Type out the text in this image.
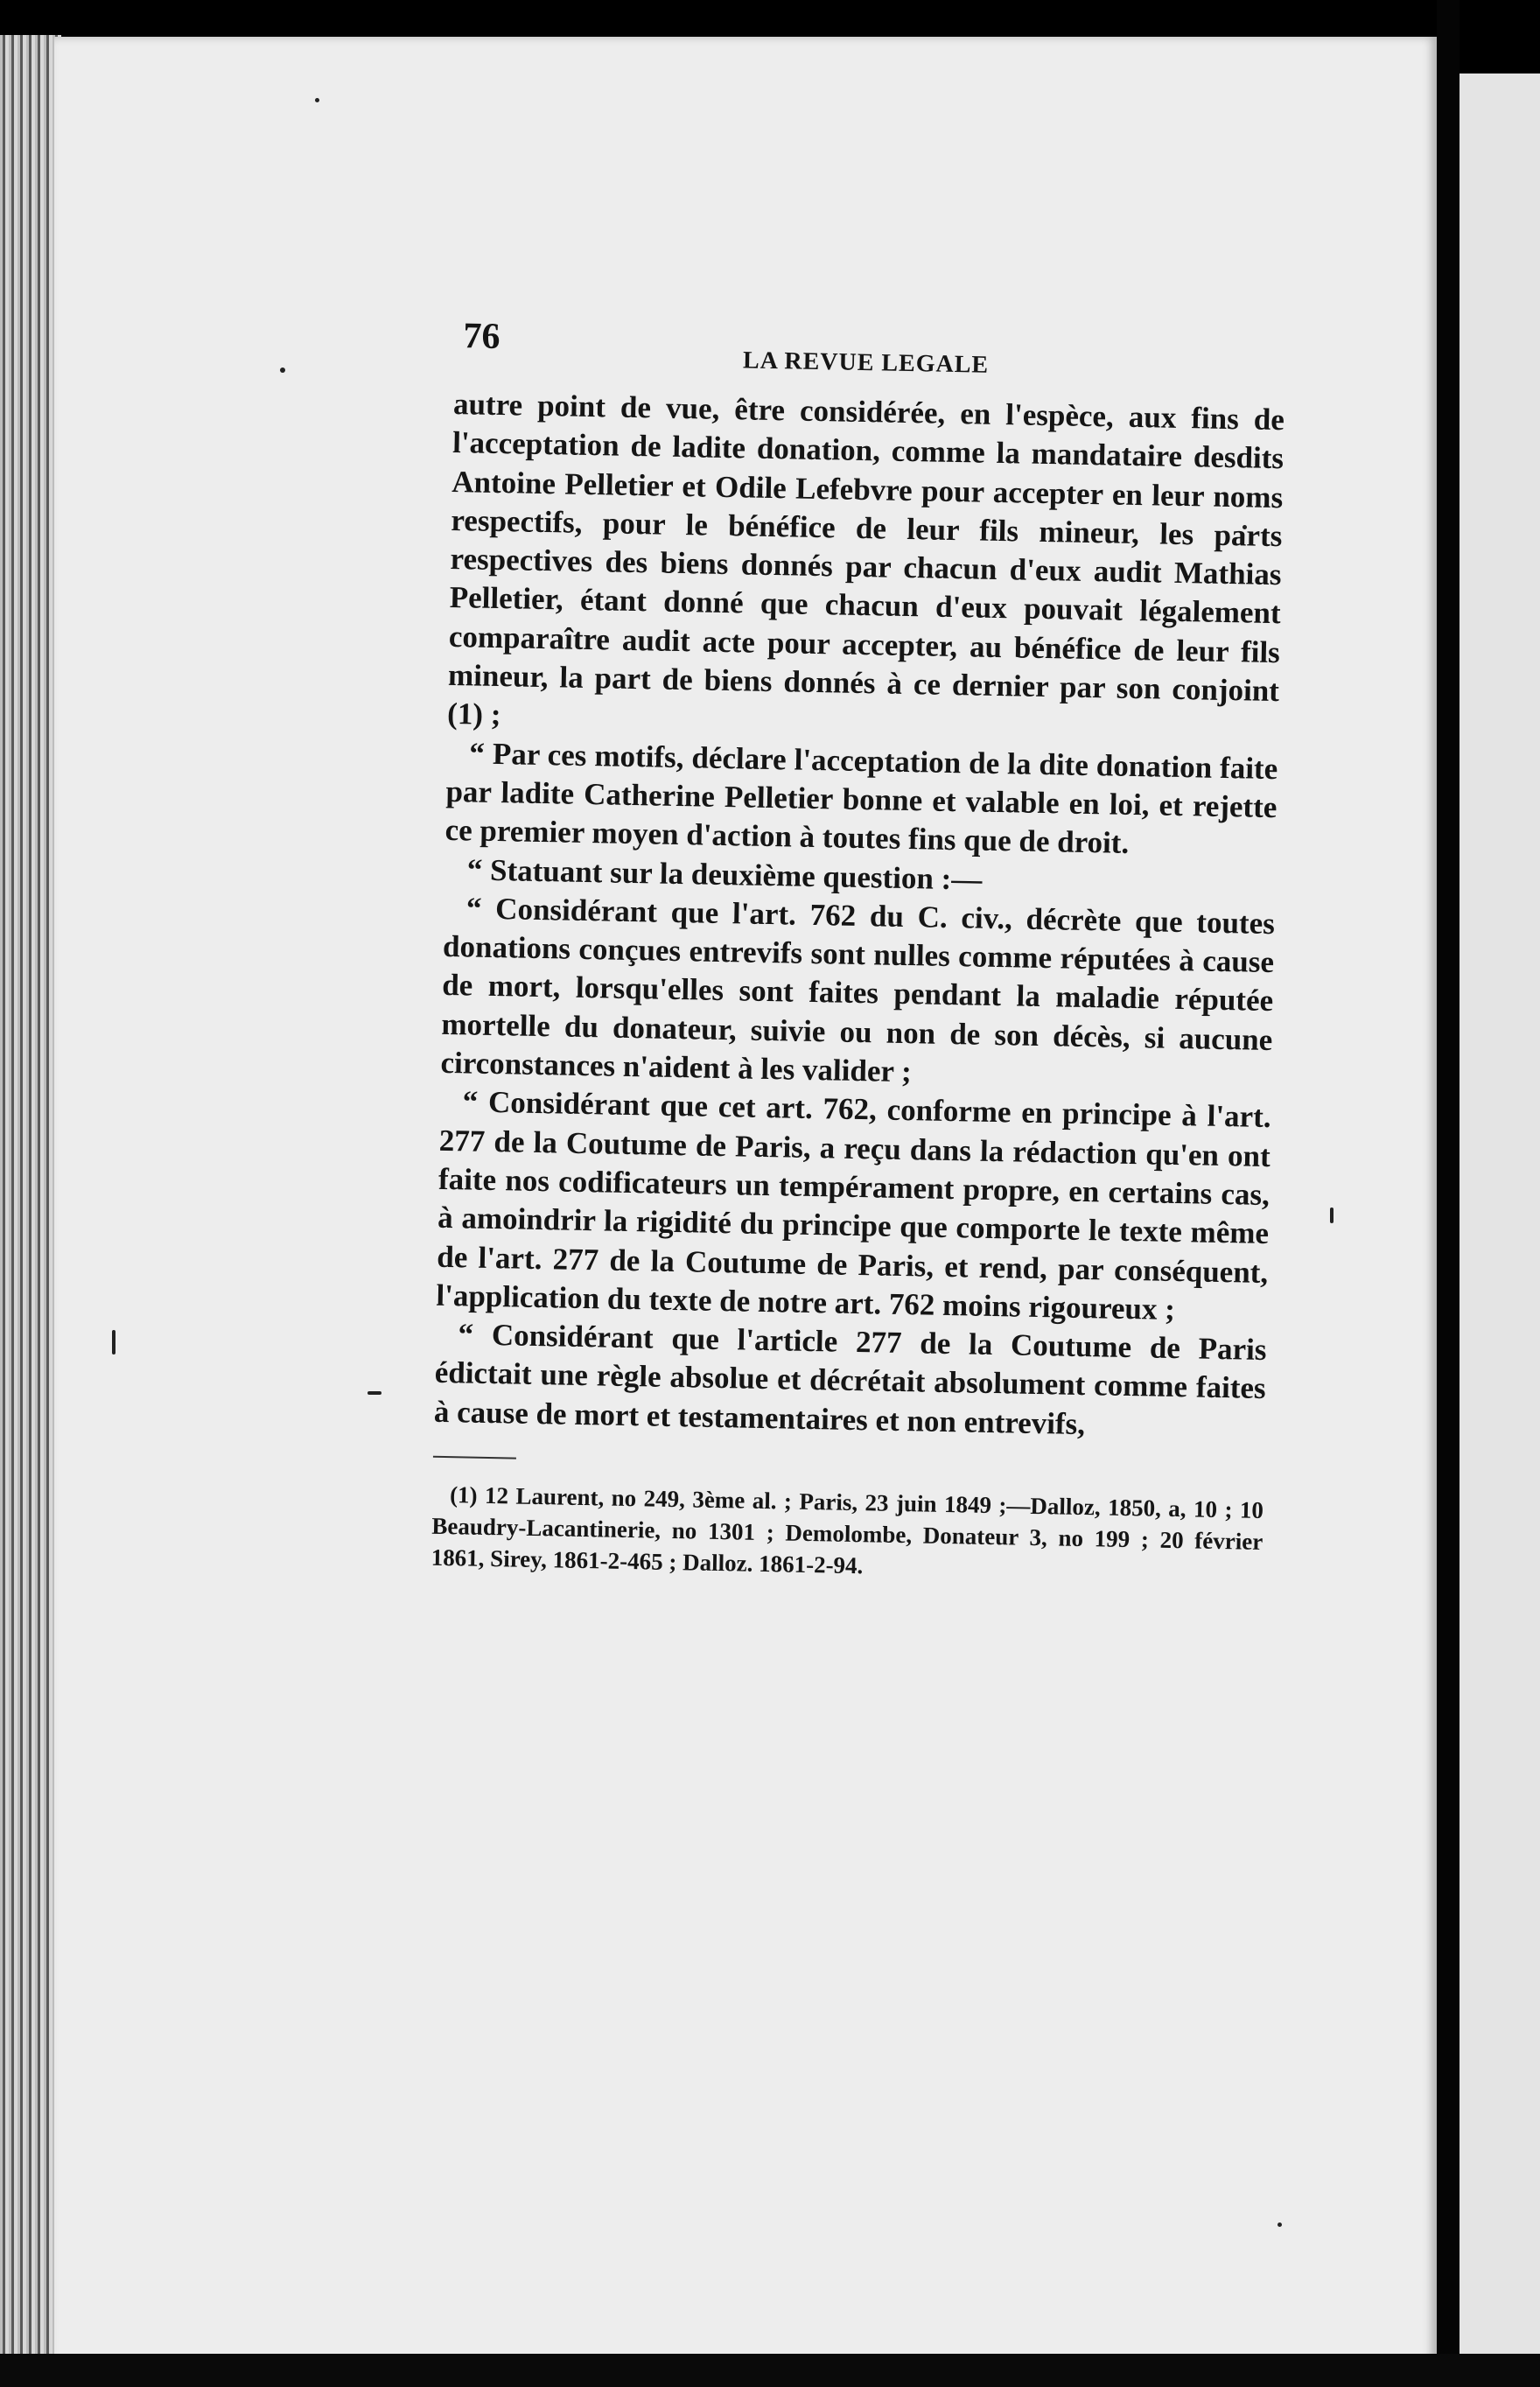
76
LA REVUE LEGALE

autre point de vue, être considérée, en l'espèce, aux fins de l'acceptation de ladite donation, comme la mandataire desdits Antoine Pelletier et Odile Lefebvre pour accepter en leur noms respectifs, pour le bénéfice de leur fils mineur, les parts respectives des biens donnés par chacun d'eux audit Mathias Pelletier, étant donné que chacun d'eux pouvait légalement comparaître audit acte pour accepter, au bénéfice de leur fils mineur, la part de biens donnés à ce dernier par son conjoint (1) ;

“ Par ces motifs, déclare l'acceptation de la dite donation faite par ladite Catherine Pelletier bonne et valable en loi, et rejette ce premier moyen d'action à toutes fins que de droit.

“ Statuant sur la deuxième question :—

“ Considérant que l'art. 762 du C. civ., décrète que toutes donations conçues entrevifs sont nulles comme réputées à cause de mort, lorsqu'elles sont faites pendant la maladie réputée mortelle du donateur, suivie ou non de son décès, si aucune circonstances n'aident à les valider ;

“ Considérant que cet art. 762, conforme en principe à l'art. 277 de la Coutume de Paris, a reçu dans la rédaction qu'en ont faite nos codificateurs un tempérament propre, en certains cas, à amoindrir la rigidité du principe que comporte le texte même de l'art. 277 de la Coutume de Paris, et rend, par conséquent, l'application du texte de notre art. 762 moins rigoureux ;

“ Considérant que l'article 277 de la Coutume de Paris édictait une règle absolue et décrétait absolument comme faites à cause de mort et testamentaires et non entrevifs,

(1) 12 Laurent, no 249, 3ème al. ; Paris, 23 juin 1849 ;—Dalloz, 1850, a, 10 ; 10 Beaudry-Lacantinerie, no 1301 ; Demolombe, Donateur 3, no 199 ; 20 février 1861, Sirey, 1861-2-465 ; Dalloz. 1861-2-94.
